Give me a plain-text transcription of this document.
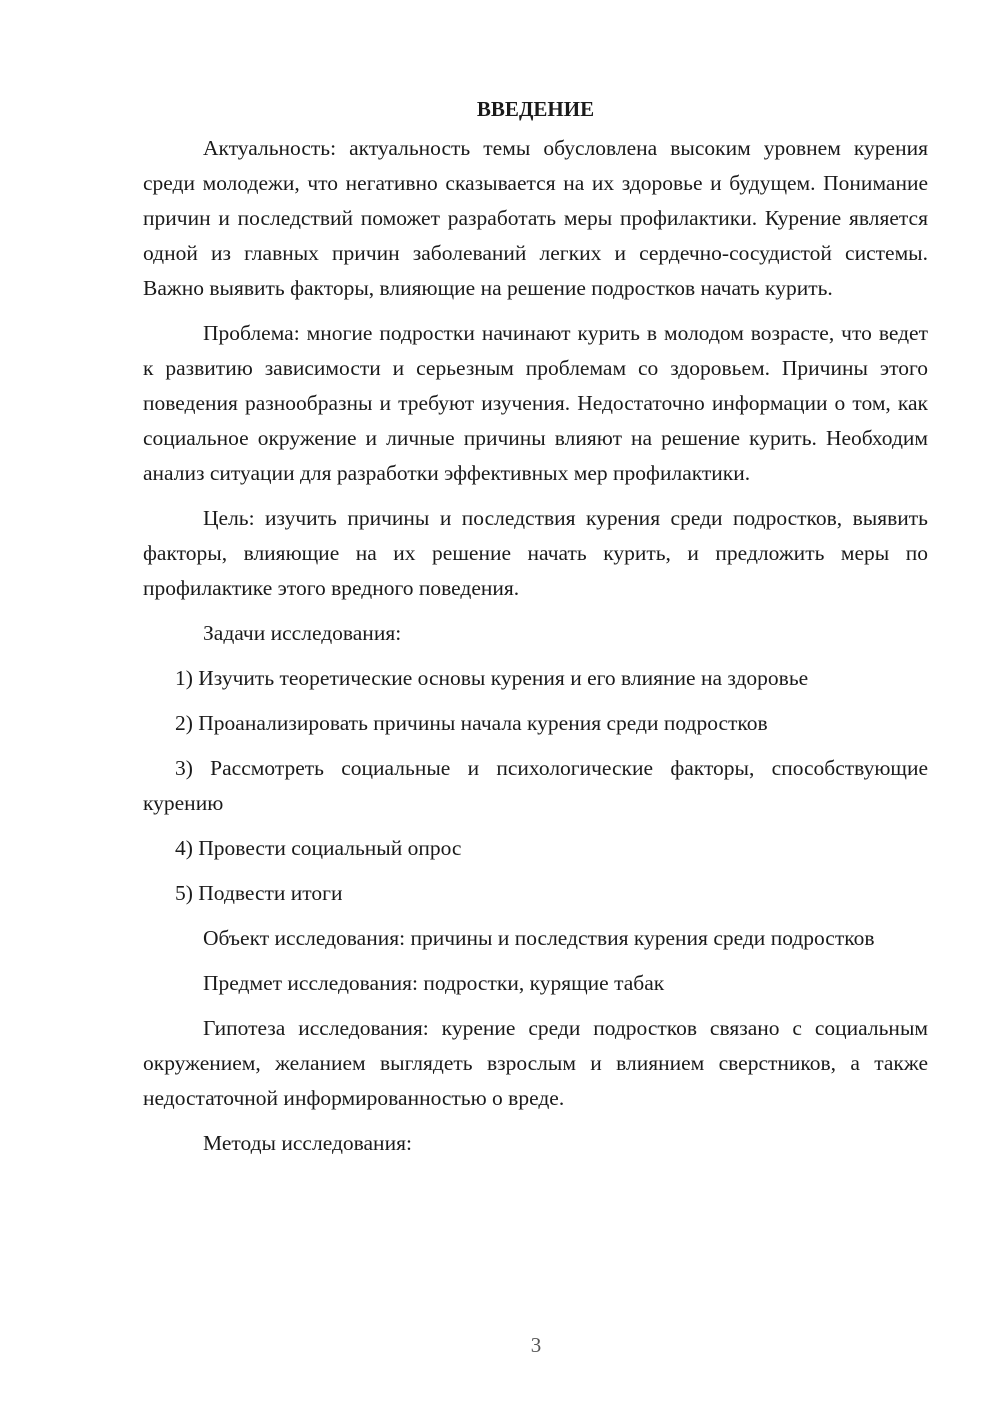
ВВЕДЕНИЕ

Актуальность: актуальность темы обусловлена высоким уровнем курения среди молодежи, что негативно сказывается на их здоровье и будущем. Понимание причин и последствий поможет разработать меры профилактики. Курение является одной из главных причин заболеваний легких и сердечно-сосудистой системы. Важно выявить факторы, влияющие на решение подростков начать курить.

Проблема: многие подростки начинают курить в молодом возрасте, что ведет к развитию зависимости и серьезным проблемам со здоровьем. Причины этого поведения разнообразны и требуют изучения. Недостаточно информации о том, как социальное окружение и личные причины влияют на решение курить. Необходим анализ ситуации для разработки эффективных мер профилактики.

Цель: изучить причины и последствия курения среди подростков, выявить факторы, влияющие на их решение начать курить, и предложить меры по профилактике этого вредного поведения.

Задачи исследования:

1) Изучить теоретические основы курения и его влияние на здоровье

2) Проанализировать причины начала курения среди подростков

3) Рассмотреть социальные и психологические факторы, способствующие курению

4) Провести социальный опрос

5) Подвести итоги

Объект исследования: причины и последствия курения среди подростков

Предмет исследования: подростки, курящие табак

Гипотеза исследования: курение среди подростков связано с социальным окружением, желанием выглядеть взрослым и влиянием сверстников, а также недостаточной информированностью о вреде.

Методы исследования:

3
